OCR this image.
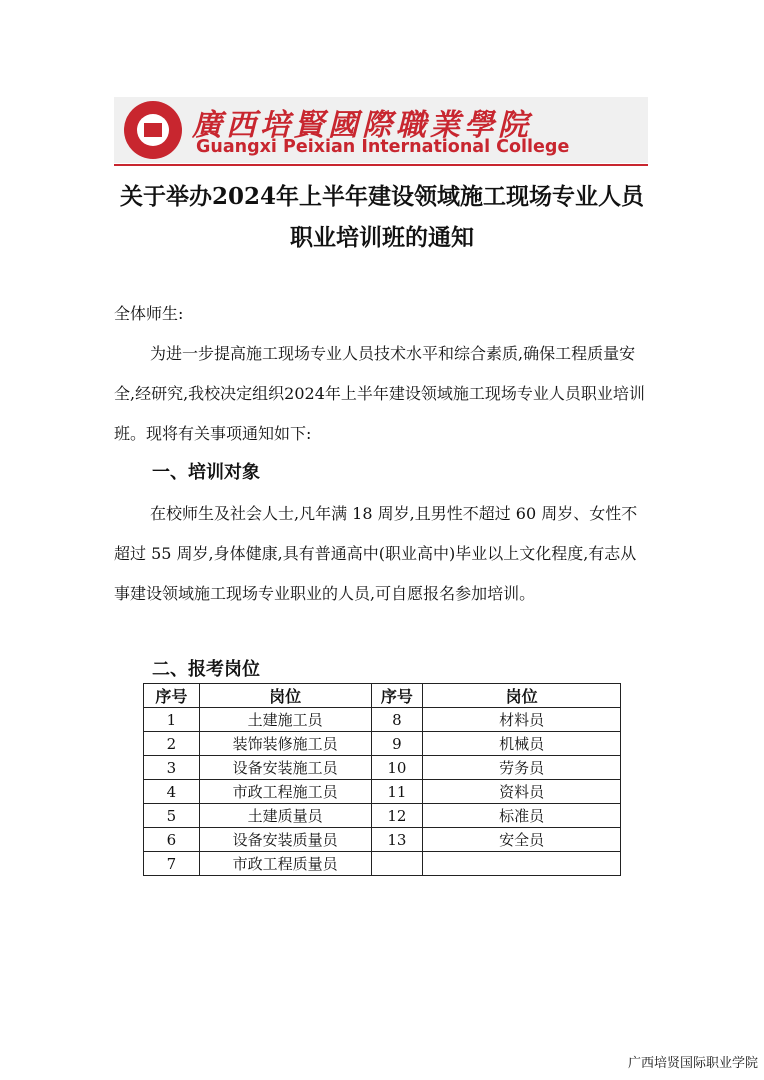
廣西培賢國際職業學院
Guangxi Peixian International College
关于举办2024年上半年建设领域施工现场专业人员
职业培训班的通知

全体师生:

为进一步提高施工现场专业人员技术水平和综合素质,确保工程质量安全,经研究,我校决定组织2024年上半年建设领域施工现场专业人员职业培训班。现将有关事项通知如下:

一、培训对象

在校师生及社会人士,凡年满 18 周岁,且男性不超过 60 周岁、女性不超过 55 周岁,身体健康,具有普通高中(职业高中)毕业以上文化程度,有志从事建设领域施工现场专业职业的人员,可自愿报名参加培训。

二、报考岗位
序号	岗位	序号	岗位
1	土建施工员	8	材料员
2	装饰装修施工员	9	机械员
3	设备安装施工员	10	劳务员
4	市政工程施工员	11	资料员
5	土建质量员	12	标准员
6	设备安装质量员	13	安全员
7	市政工程质量员		
广西培贤国际职业学院
